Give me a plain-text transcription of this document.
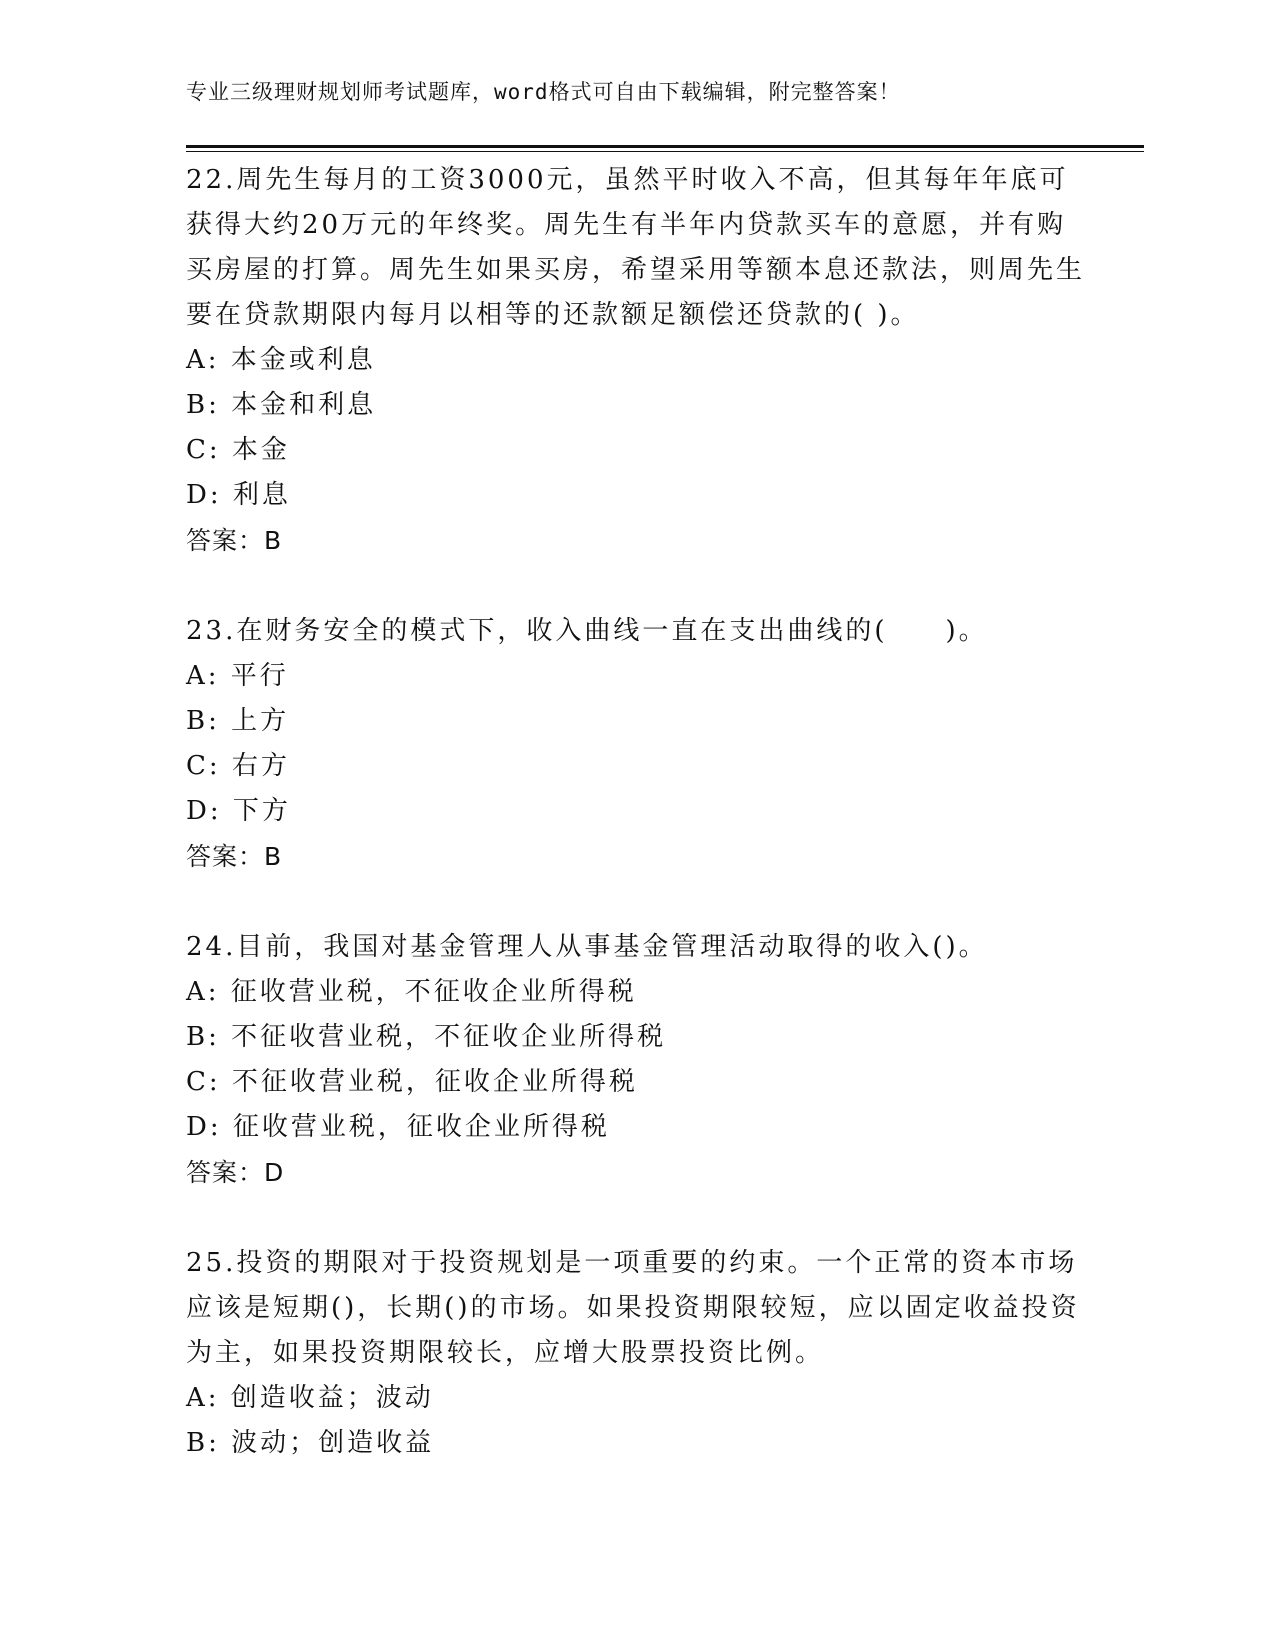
专业三级理财规划师考试题库，word格式可自由下载编辑，附完整答案！

22.周先生每月的工资3000元，虽然平时收入不高，但其每年年底可获得大约20万元的年终奖。周先生有半年内贷款买车的意愿，并有购买房屋的打算。周先生如果买房，希望采用等额本息还款法，则周先生要在贷款期限内每月以相等的还款额足额偿还贷款的( )。

A: 本金或利息

B: 本金和利息

C: 本金

D: 利息

答案：B

23.在财务安全的模式下，收入曲线一直在支出曲线的(　　)。

A: 平行

B: 上方

C: 右方

D: 下方

答案：B

24.目前，我国对基金管理人从事基金管理活动取得的收入()。

A: 征收营业税，不征收企业所得税

B: 不征收营业税，不征收企业所得税

C: 不征收营业税，征收企业所得税

D: 征收营业税，征收企业所得税

答案：D

25.投资的期限对于投资规划是一项重要的约束。一个正常的资本市场应该是短期()，长期()的市场。如果投资期限较短，应以固定收益投资为主，如果投资期限较长，应增大股票投资比例。

A: 创造收益；波动

B: 波动；创造收益
